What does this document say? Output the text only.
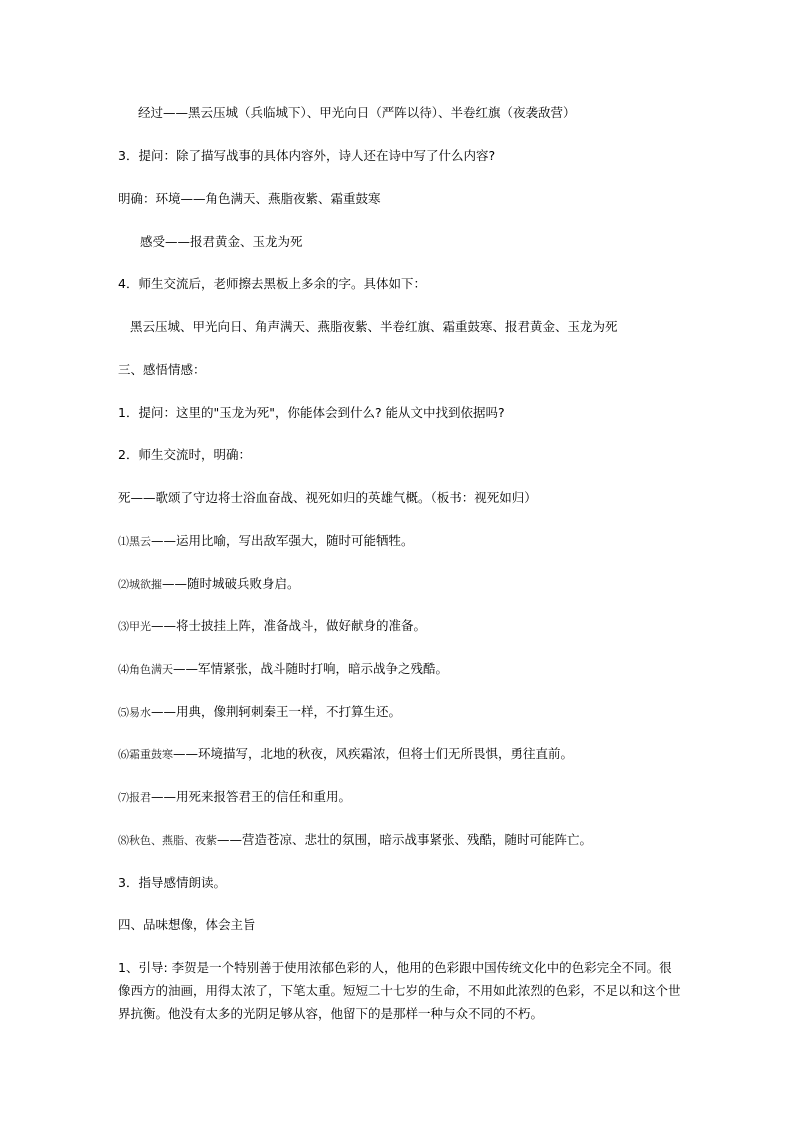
经过——黑云压城（兵临城下）、甲光向日（严阵以待）、半卷红旗（夜袭敌营）
3．提问：除了描写战事的具体内容外，诗人还在诗中写了什么内容?
明确：环境——角色满天、燕脂夜紫、霜重鼓寒
感受——报君黄金、玉龙为死
4．师生交流后，老师擦去黑板上多余的字。具体如下：
黑云压城、甲光向日、角声满天、燕脂夜紫、半卷红旗、霜重鼓寒、报君黄金、玉龙为死
三、感悟情感：
1．提问：这里的"玉龙为死"，你能体会到什么? 能从文中找到依据吗?
2．师生交流时，明确：
死——歌颂了守边将士浴血奋战、视死如归的英雄气概。（板书：视死如归）
⑴黑云——运用比喻，写出敌军强大，随时可能牺牲。
⑵城欲摧——随时城破兵败身启。
⑶甲光——将士披挂上阵，准备战斗，做好献身的准备。
⑷角色满天——军情紧张，战斗随时打响，暗示战争之残酷。
⑸易水——用典，像荆轲刺秦王一样，不打算生还。
⑹霜重鼓寒——环境描写，北地的秋夜，风疾霜浓，但将士们无所畏惧，勇往直前。
⑺报君——用死来报答君王的信任和重用。
⑻秋色、燕脂、夜紫——营造苍凉、悲壮的氛围，暗示战事紧张、残酷，随时可能阵亡。
3．指导感情朗读。
四、品味想像，体会主旨
1、引导: 李贺是一个特别善于使用浓郁色彩的人，他用的色彩跟中国传统文化中的色彩完全不同。很像西方的油画，用得太浓了，下笔太重。短短二十七岁的生命，不用如此浓烈的色彩，不足以和这个世界抗衡。他没有太多的光阴足够从容，他留下的是那样一种与众不同的不朽。
